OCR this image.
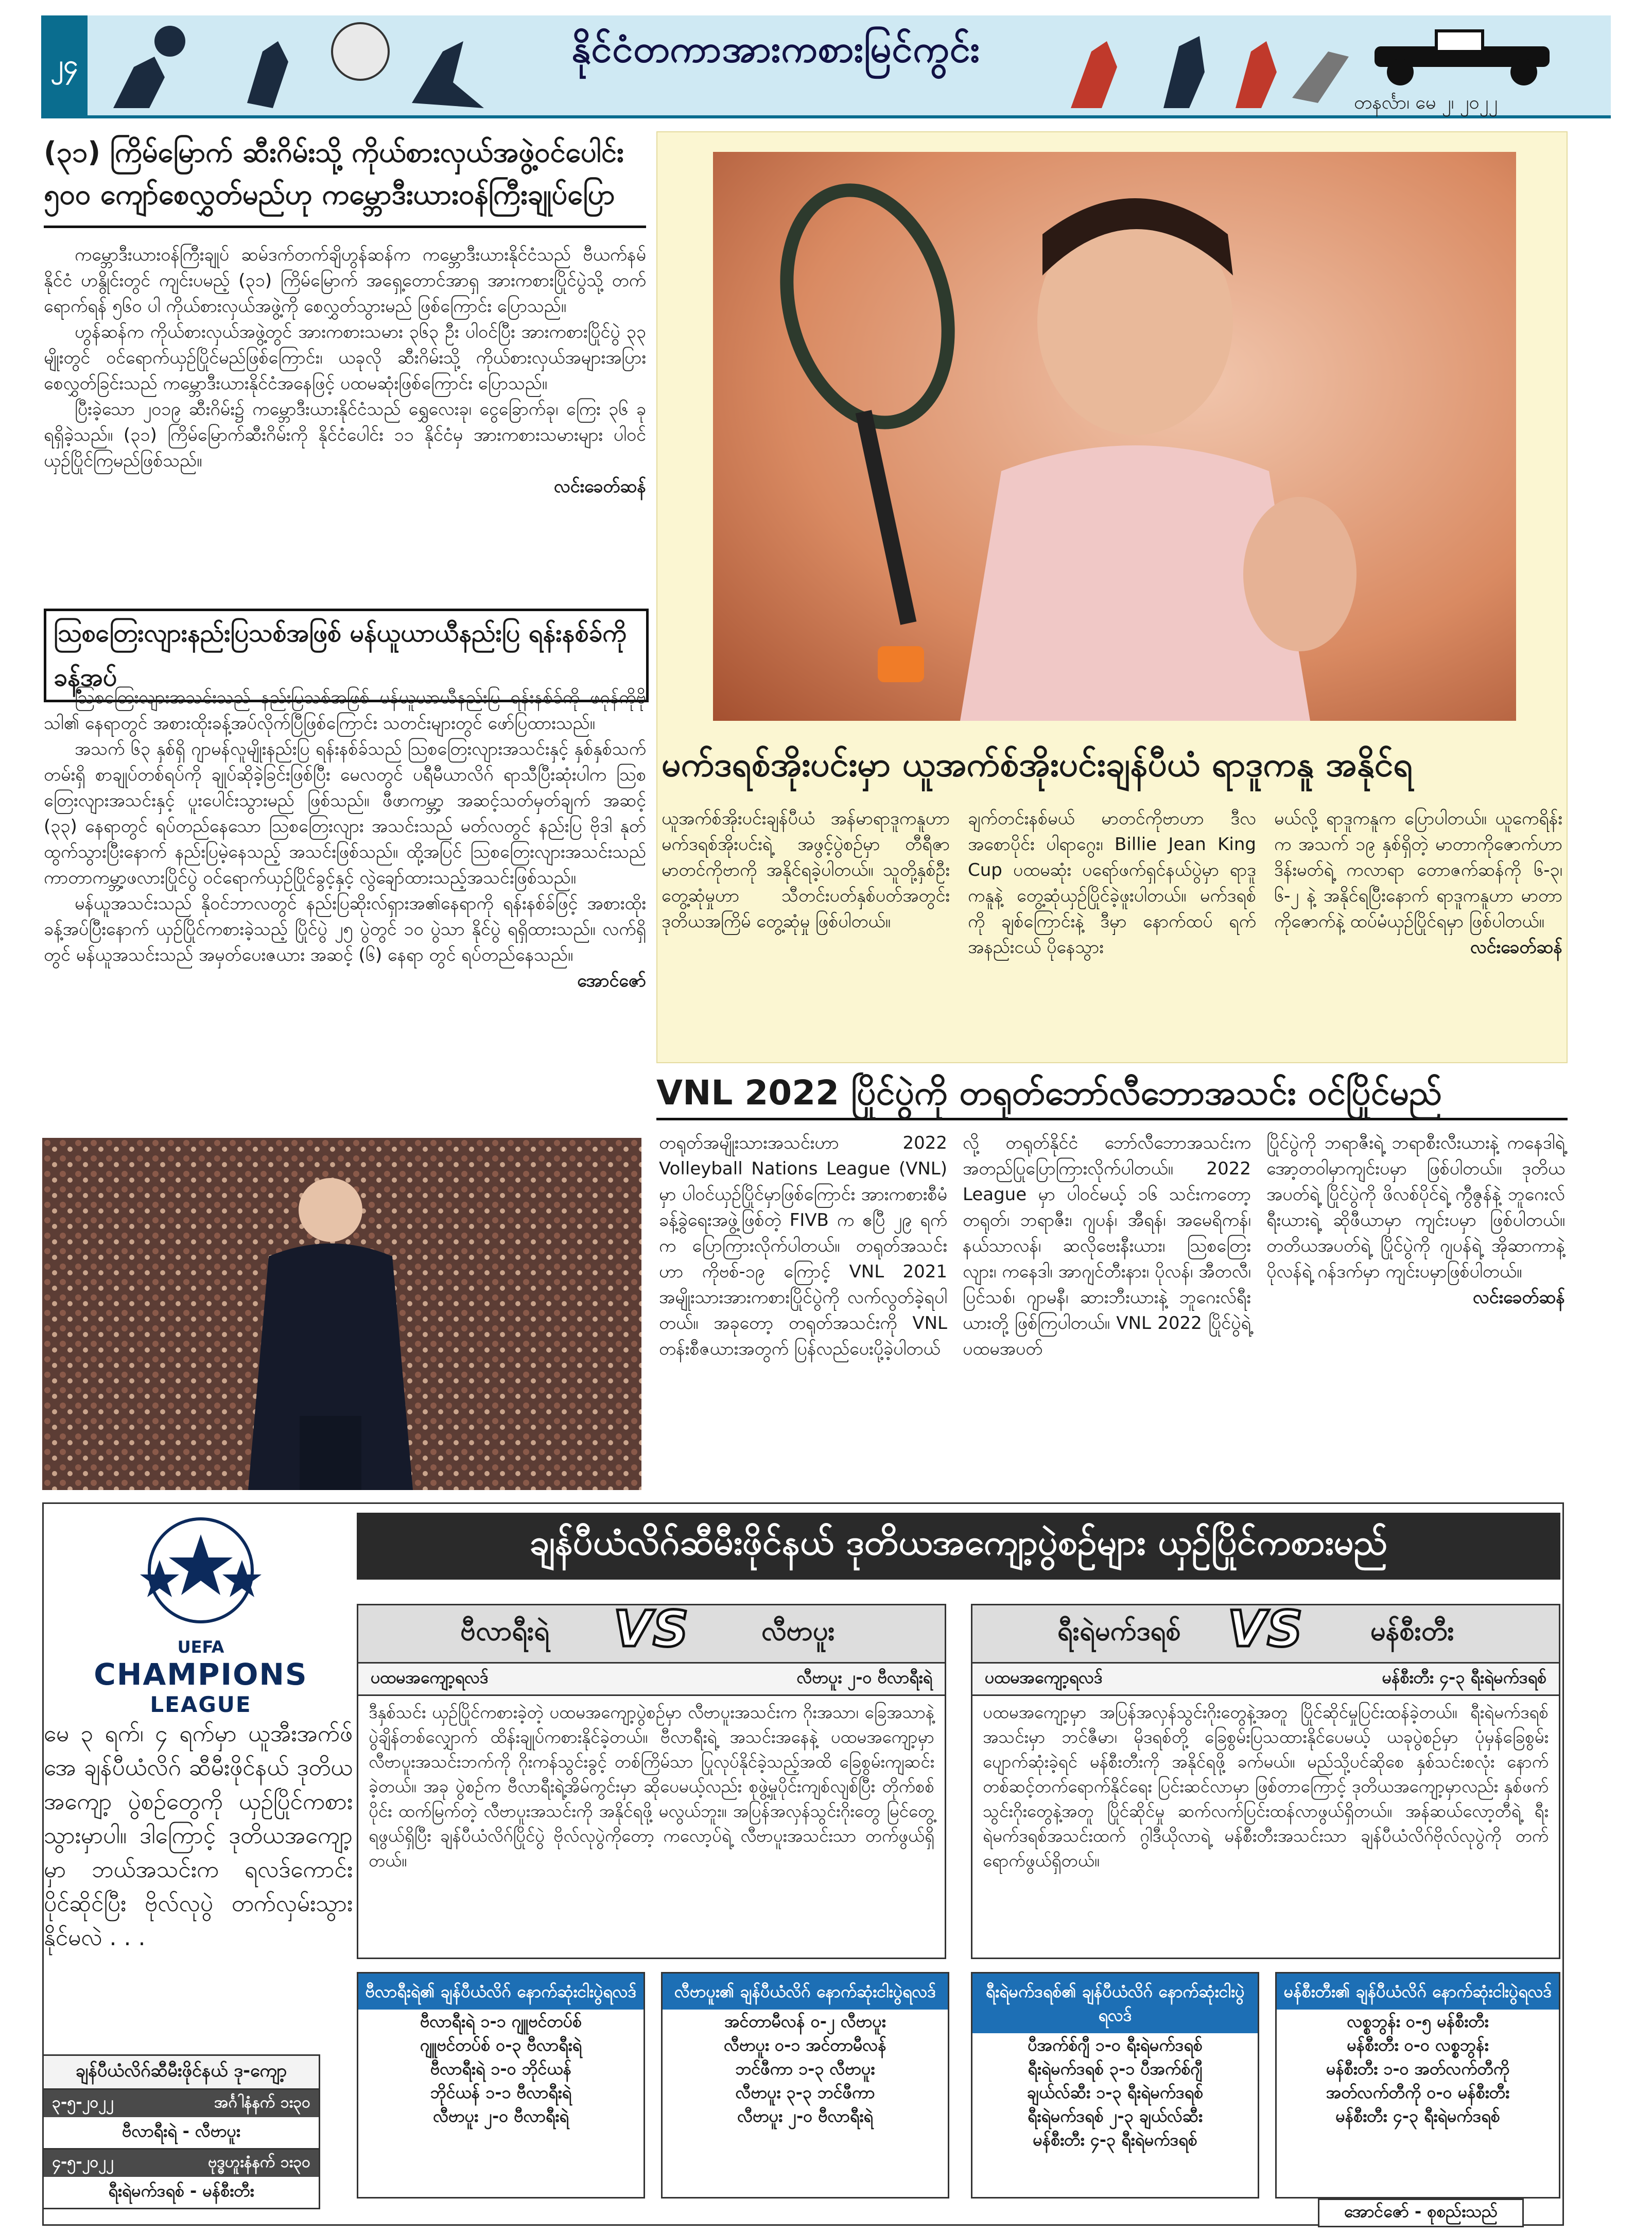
၂၄	နိုင်ငံတကာအားကစားမြင်ကွင်း
တနင်္လာ၊ မေ ၂၊ ၂၀၂၂
(၃၁) ကြိမ်မြောက် ဆီးဂိမ်းသို့ ကိုယ်စားလှယ်အဖွဲ့ဝင်ပေါင်း
၅၀၀ ကျော်စေလွှတ်မည်ဟု ကမ္ဘောဒီးယားဝန်ကြီးချုပ်ပြော

ကမ္ဘောဒီးယားဝန်ကြီးချုပ် ဆမ်ဒက်တက်ချိဟွန်ဆန်က ကမ္ဘောဒီးယားနိုင်ငံသည် ဗီယက်နမ်နိုင်ငံ ဟနွိုင်းတွင် ကျင်းပမည့် (၃၁) ကြိမ်မြောက် အရှေ့တောင်အာရှ အားကစားပြိုင်ပွဲသို့ တက်ရောက်ရန် ၅၆၀ ပါ ကိုယ်စားလှယ်အဖွဲ့ကို စေလွှတ်သွားမည် ဖြစ်ကြောင်း ပြောသည်။

ဟွန်ဆန်က ကိုယ်စားလှယ်အဖွဲ့တွင် အားကစားသမား ၃၆၃ ဦး ပါဝင်ပြီး အားကစားပြိုင်ပွဲ ၃၃ မျိုးတွင် ဝင်ရောက်ယှဉ်ပြိုင်မည်ဖြစ်ကြောင်း၊ ယခုလို ဆီးဂိမ်းသို့ ကိုယ်စားလှယ်အများအပြားစေလွှတ်ခြင်းသည် ကမ္ဘောဒီးယားနိုင်ငံအနေဖြင့် ပထမဆုံးဖြစ်ကြောင်း ပြောသည်။

ပြီးခဲ့သော ၂၀၁၉ ဆီးဂိမ်း၌ ကမ္ဘောဒီးယားနိုင်ငံသည် ရွှေလေးခု၊ ငွေခြောက်ခု၊ ကြေး ၃၆ ခုရရှိခဲ့သည်။ (၃၁) ကြိမ်မြောက်ဆီးဂိမ်းကို နိုင်ငံပေါင်း ၁၁ နိုင်ငံမှ အားကစားသမားများ ပါဝင်ယှဉ်ပြိုင်ကြမည်ဖြစ်သည်။

လင်းခေတ်ဆန်
ဩစတြေးလျားနည်းပြသစ်အဖြစ် မန်ယူယာယီနည်းပြ ရန်းနစ်ခ်ကို ခန့်အပ်

ဩစတြေးလျားအသင်းသည် နည်းပြသစ်အဖြစ် မန်ယူယာယီနည်းပြ ရန်းနစ်ခ်ကို ဖဂုန်ကိုဗိုသါ၏ နေရာတွင် အစားထိုးခန့်အပ်လိုက်ပြီဖြစ်ကြောင်း သတင်းများတွင် ဖော်ပြထားသည်။

အသက် ၆၃ နှစ်ရှိ ဂျာမန်လူမျိုးနည်းပြ ရန်းနစ်ခ်သည် ဩစတြေးလျားအသင်းနှင့် နှစ်နှစ်သက်တမ်းရှိ စာချုပ်တစ်ရပ်ကို ချုပ်ဆိုခဲ့ခြင်းဖြစ်ပြီး မေလတွင် ပရီမီယာလိဂ် ရာသီပြီးဆုံးပါက ဩစတြေးလျားအသင်းနှင့် ပူးပေါင်းသွားမည် ဖြစ်သည်။ ဖီဖာကမ္ဘာ့ အဆင့်သတ်မှတ်ချက် အဆင့် (၃၃) နေရာတွင် ရပ်တည်နေသော ဩစတြေးလျား အသင်းသည် မတ်လတွင် နည်းပြ ဗိုဒါ နုတ်ထွက်သွားပြီးနောက် နည်းပြမဲ့နေသည့် အသင်းဖြစ်သည်။ ထို့အပြင် ဩစတြေးလျားအသင်းသည် ကာတာကမ္ဘာ့ဖလားပြိုင်ပွဲ ဝင်ရောက်ယှဉ်ပြိုင်ခွင့်နှင့် လွဲချော်ထားသည့်အသင်းဖြစ်သည်။

မန်ယူအသင်းသည် နိုဝင်ဘာလတွင် နည်းပြဆိုးလ်ရှားအ၏နေရာကို ရန်းနစ်ခ်ဖြင့် အစားထိုးခန့်အပ်ပြီးနောက် ယှဉ်ပြိုင်ကစားခဲ့သည့် ပြိုင်ပွဲ ၂၅ ပွဲတွင် ၁၀ ပွဲသာ နိုင်ပွဲ ရရှိထားသည်။ လက်ရှိတွင် မန်ယူအသင်းသည် အမှတ်ပေးဇယား အဆင့် (၆) နေရာ တွင် ရပ်တည်နေသည်။

အောင်ဇော်
မက်ဒရစ်အိုးပင်းမှာ ယူအက်စ်အိုးပင်းချန်ပီယံ ရာဒူကနူ အနိုင်ရ
ယူအက်စ်အိုးပင်းချန်ပီယံ အန်မာရာဒူကနူဟာ မက်ဒရစ်အိုးပင်းရဲ့ အဖွင့်ပွဲစဉ်မှာ တီရီဇာမာတင်ကိုဗာကို အနိုင်ရခဲ့ပါတယ်။ သူတို့နှစ်ဦးတွေ့ဆုံမှုဟာ သီတင်းပတ်နှစ်ပတ်အတွင်း ဒုတိယအကြိမ် တွေ့ဆုံမှု ဖြစ်ပါတယ်။
ချက်တင်းနစ်မယ် မာတင်ကိုဗာဟာ ဒီလအစောပိုင်း ပါရာဂွေး၊ Billie Jean King Cup ပထမဆုံး ပရော်ဖက်ရှင်နယ်ပွဲမှာ ရာဒူကနူနဲ့ တွေ့ဆုံယှဉ်ပြိုင်ခဲ့ဖူးပါတယ်။ မက်ဒရစ်ကို ချစ်ကြောင်းနဲ့ ဒီမှာ နောက်ထပ် ရက်အနည်းငယ် ပိုနေသွား
မယ်လို့ ရာဒူကနူက ပြောပါတယ်။ ယူကေရိန်းက အသက် ၁၉ နှစ်ရှိတဲ့ မာတာကိုဇောက်ဟာ ဒိန်းမတ်ရဲ့ ကလာရာ တောဇက်ဆန်ကို ၆-၃၊ ၆-၂ နဲ့ အနိုင်ရပြီးနောက် ရာဒူကနူဟာ မာတာကိုဇောက်နဲ့ ထပ်မံယှဉ်ပြိုင်ရမှာ ဖြစ်ပါတယ်။
လင်းခေတ်ဆန်
VNL 2022 ပြိုင်ပွဲကို တရုတ်ဘော်လီဘောအသင်း ဝင်ပြိုင်မည်
တရုတ်အမျိုးသားအသင်းဟာ 2022 Volleyball Nations League (VNL) မှာ ပါဝင်ယှဉ်ပြိုင်မှာဖြစ်ကြောင်း အားကစားစီမံခန့်ခွဲရေးအဖွဲ့ဖြစ်တဲ့ FIVB က ဧပြီ ၂၉ ရက်က ပြောကြားလိုက်ပါတယ်။ တရုတ်အသင်းဟာ ကိုဗစ်-၁၉ ကြောင့် VNL 2021 အမျိုးသားအားကစားပြိုင်ပွဲကို လက်လွတ်ခဲ့ရပါတယ်။ အခုတော့ တရုတ်အသင်းကို VNL တန်းစီဇယားအတွက် ပြန်လည်ပေးပို့ခဲ့ပါတယ်
လို့ တရုတ်နိုင်ငံ ဘော်လီဘောအသင်းက အတည်ပြုပြောကြားလိုက်ပါတယ်။ 2022 League မှာ ပါဝင်မယ့် ၁၆ သင်းကတော့ တရုတ်၊ ဘရာဇီး၊ ဂျပန်၊ အီရန်၊ အမေရိကန်၊ နယ်သာလန်၊ ဆလိုဗေးနီးယား၊ ဩစတြေးလျား၊ ကနေဒါ၊ အာဂျင်တီးနား၊ ပိုလန်၊ အီတလီ၊ ပြင်သစ်၊ ဂျာမနီ၊ ဆားဘီးယားနဲ့ ဘူဂေးလ်ရီးယားတို့ ဖြစ်ကြပါတယ်။ VNL 2022 ပြိုင်ပွဲရဲ့ ပထမအပတ်
ပြိုင်ပွဲကို ဘရာဇီးရဲ့ ဘရာစီးလီးယားနဲ့ ကနေဒါရဲ့ အော့တဝါမှာကျင်းပမှာ ဖြစ်ပါတယ်။ ဒုတိယအပတ်ရဲ့ ပြိုင်ပွဲကို ဖိလစ်ပိုင်ရဲ့ ကွီဇွန်နဲ့ ဘူဂေးလ်ရီးယားရဲ့ ဆိုဖီယာမှာ ကျင်းပမှာ ဖြစ်ပါတယ်။ တတိယအပတ်ရဲ့ ပြိုင်ပွဲကို ဂျပန်ရဲ့ အိုဆာကာနဲ့ ပိုလန်ရဲ့ ဂန်ဒက်မှာ ကျင်းပမှာဖြစ်ပါတယ်။
လင်းခေတ်ဆန်
ချန်ပီယံလိဂ်ဆီမီးဖိုင်နယ် ဒုတိယအကျော့ပွဲစဉ်များ ယှဉ်ပြိုင်ကစားမည်
UEFA
CHAMPIONS
LEAGUE
မေ ၃ ရက်၊ ၄ ရက်မှာ ယူအီးအက်ဖ်အေ ချန်ပီယံလိဂ် ဆီမီးဖိုင်နယ် ဒုတိယအကျော့ ပွဲစဉ်တွေကို ယှဉ်ပြိုင်ကစားသွားမှာပါ။ ဒါကြောင့် ဒုတိယအကျော့မှာ ဘယ်အသင်းက ရလဒ်ကောင်း ပိုင်ဆိုင်ပြီး ဗိုလ်လုပွဲ တက်လှမ်းသွားနိုင်မလဲ . . .
ချန်ပီယံလိဂ်ဆီမီးဖိုင်နယ် ဒု-ကျော့
၃-၅-၂၀၂၂	အင်္ဂါနံနက် ၁း၃၀
ဗီလာရီးရဲ - လီဗာပူး
၄-၅-၂၀၂၂	ဗုဒ္ဓဟူးနံနက် ၁း၃၀
ရီးရဲမက်ဒရစ် - မန်စီးတီး
ဗီလာရီးရဲ	VS	လီဗာပူး
ပထမအကျော့ရလဒ်	လီဗာပူး ၂-၀ ဗီလာရီးရဲ
ဒီနှစ်သင်း ယှဉ်ပြိုင်ကစားခဲ့တဲ့ ပထမအကျော့ပွဲစဉ်မှာ လီဗာပူးအသင်းက ဂိုးအသာ၊ ခြေအသာနဲ့ ပွဲချိန်တစ်လျှောက် ထိန်းချုပ်ကစားနိုင်ခဲ့တယ်။ ဗီလာရီးရဲ့ အသင်းအနေနဲ့ ပထမအကျော့မှာ လီဗာပူးအသင်းဘက်ကို ဂိုးကန်သွင်းခွင့် တစ်ကြိမ်သာ ပြုလုပ်နိုင်ခဲ့သည့်အထိ ခြေစွမ်းကျဆင်းခဲ့တယ်။ အခု ပွဲစဉ်က ဗီလာရီးရဲ့အိမ်ကွင်းမှာ ဆိုပေမယ့်လည်း စုဖွဲ့မှုပိုင်းကျစ်လျစ်ပြီး တိုက်စစ်ပိုင်း ထက်မြက်တဲ့ လီဗာပူးအသင်းကို အနိုင်ရဖို့ မလွယ်ဘူး။ အပြန်အလှန်သွင်းဂိုးတွေ မြင်တွေ့ရဖွယ်ရှိပြီး ချန်ပီယံလိဂ်ပြိုင်ပွဲ ဗိုလ်လုပွဲကိုတော့ ကလော့ပ်ရဲ့ လီဗာပူးအသင်းသာ တက်ဖွယ်ရှိတယ်။
ရီးရဲမက်ဒရစ် VS	မန်စီးတီး
ပထမအကျော့ရလဒ်	မန်စီးတီး ၄-၃ ရီးရဲမက်ဒရစ်
ပထမအကျော့မှာ အပြန်အလှန်သွင်းဂိုးတွေနဲ့အတူ ပြိုင်ဆိုင်မှုပြင်းထန်ခဲ့တယ်။ ရီးရဲမက်ဒရစ်အသင်းမှာ ဘင်ဇီမာ၊ မိုဒရစ်တို့ ခြေစွမ်းပြသထားနိုင်ပေမယ့် ယခုပွဲစဉ်မှာ ပုံမှန်ခြေစွမ်းပျောက်ဆုံးခဲ့ရင် မန်စီးတီးကို အနိုင်ရဖို့ ခက်မယ်။ မည်သို့ပင်ဆိုစေ နှစ်သင်းစလုံး နောက်တစ်ဆင့်တက်ရောက်နိုင်ရေး ပြင်းဆင်လာမှာ ဖြစ်တာကြောင့် ဒုတိယအကျော့မှာလည်း နှစ်ဖက်သွင်းဂိုးတွေနဲ့အတူ ပြိုင်ဆိုင်မှု ဆက်လက်ပြင်းထန်လာဖွယ်ရှိတယ်။ အန်ဆယ်လော့တီရဲ့ ရီးရဲမက်ဒရစ်အသင်းထက် ဂွါဒီယိုလာရဲ့ မန်စီးတီးအသင်းသာ ချန်ပီယံလိဂ်ဗိုလ်လုပွဲကို တက်ရောက်ဖွယ်ရှိတယ်။
ဗီလာရီးရဲ၏ ချန်ပီယံလိဂ် နောက်ဆုံးငါးပွဲရလဒ်
ဗီလာရီးရဲ ၁-၁ ဂျူဗင်တပ်စ်
ဂျူဗင်တပ်စ် ၀-၃ ဗီလာရီးရဲ
ဗီလာရီးရဲ ၁-၀ ဘိုင်ယန်
ဘိုင်ယန် ၁-၁ ဗီလာရီးရဲ
လီဗာပူး ၂-၀ ဗီလာရီးရဲ
လီဗာပူး၏ ချန်ပီယံလိဂ် နောက်ဆုံးငါးပွဲရလဒ်
အင်တာမီလန် ၀-၂ လီဗာပူး
လီဗာပူး ၀-၁ အင်တာမီလန်
ဘင်ဖီကာ ၁-၃ လီဗာပူး
လီဗာပူး ၃-၃ ဘင်ဖီကာ
လီဗာပူး ၂-၀ ဗီလာရီးရဲ
ရီးရဲမက်ဒရစ်၏ ချန်ပီယံလိဂ် နောက်ဆုံးငါးပွဲရလဒ်
ပီအက်စ်ဂျီ ၁-၀ ရီးရဲမက်ဒရစ်
ရီးရဲမက်ဒရစ် ၃-၁ ပီအက်စ်ဂျီ
ချယ်လ်ဆီး ၁-၃ ရီးရဲမက်ဒရစ်
ရီးရဲမက်ဒရစ် ၂-၃ ချယ်လ်ဆီး
မန်စီးတီး ၄-၃ ရီးရဲမက်ဒရစ်
မန်စီးတီး၏ ချန်ပီယံလိဂ် နောက်ဆုံးငါးပွဲရလဒ်
လစ္စဘွန်း ၀-၅ မန်စီးတီး
မန်စီးတီး ၀-၀ လစ္စဘွန်း
မန်စီးတီး ၁-၀ အတ်လက်တီကို
အတ်လက်တီကို ၀-၀ မန်စီးတီး
မန်စီးတီး ၄-၃ ရီးရဲမက်ဒရစ်
အောင်ဇော် - စုစည်းသည်
